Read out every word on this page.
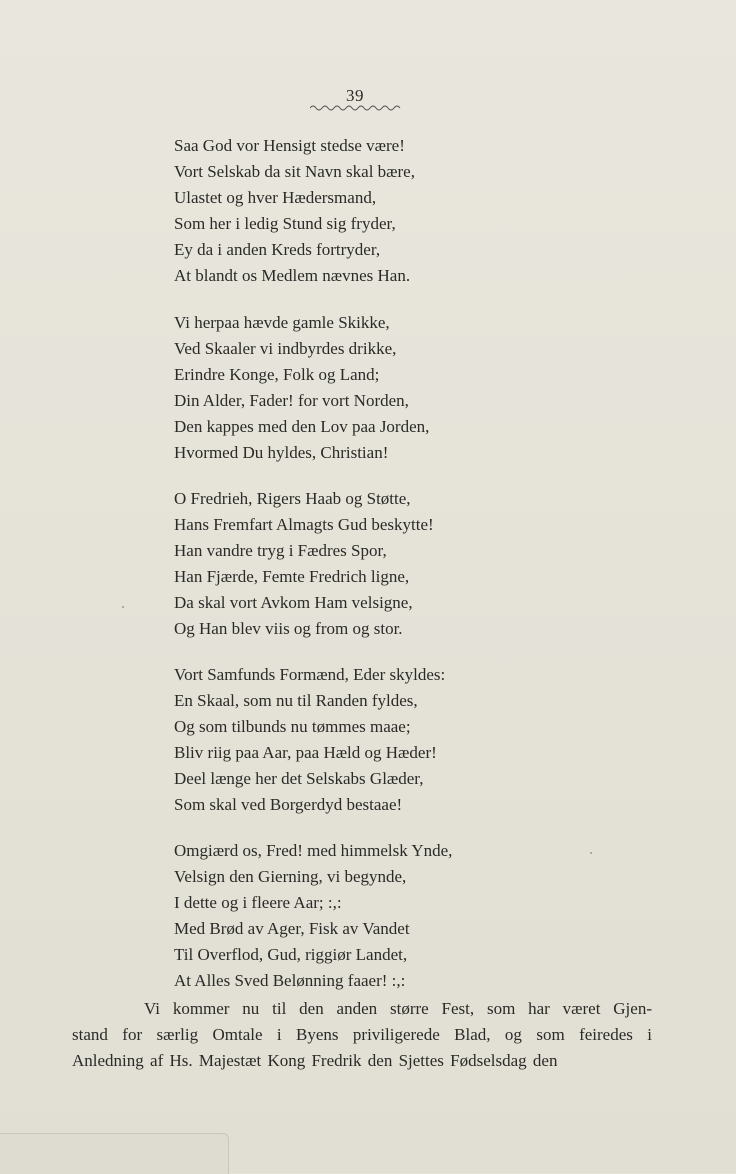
39
Saa God vor Hensigt stedse være!
Vort Selskab da sit Navn skal bære,
Ulastet og hver Hædersmand,
Som her i ledig Stund sig fryder,
Ey da i anden Kreds fortryder,
At blandt os Medlem nævnes Han.
Vi herpaa hævde gamle Skikke,
Ved Skaaler vi indbyrdes drikke,
Erindre Konge, Folk og Land;
Din Alder, Fader! for vort Norden,
Den kappes med den Lov paa Jorden,
Hvormed Du hyldes, Christian!
O Fredrieh, Rigers Haab og Støtte,
Hans Fremfart Almagts Gud beskytte!
Han vandre tryg i Fædres Spor,
Han Fjærde, Femte Fredrich ligne,
Da skal vort Avkom Ham velsigne,
Og Han blev viis og from og stor.
Vort Samfunds Formænd, Eder skyldes:
En Skaal, som nu til Randen fyldes,
Og som tilbunds nu tømmes maae;
Bliv riig paa Aar, paa Hæld og Hæder!
Deel længe her det Selskabs Glæder,
Som skal ved Borgerdyd bestaae!
Omgiærd os, Fred! med himmelsk Ynde,
Velsign den Gierning, vi begynde,
I dette og i fleere Aar; :,:
Med Brød av Ager, Fisk av Vandet
Til Overflod, Gud, riggiør Landet,
At Alles Sved Belønning faaer! :,:
Vi kommer nu til den anden større Fest, som har været Gjen-
stand for særlig Omtale i Byens priviligerede Blad, og som feiredes i
Anledning af Hs. Majestæt Kong Fredrik den Sjettes Fødselsdag den
